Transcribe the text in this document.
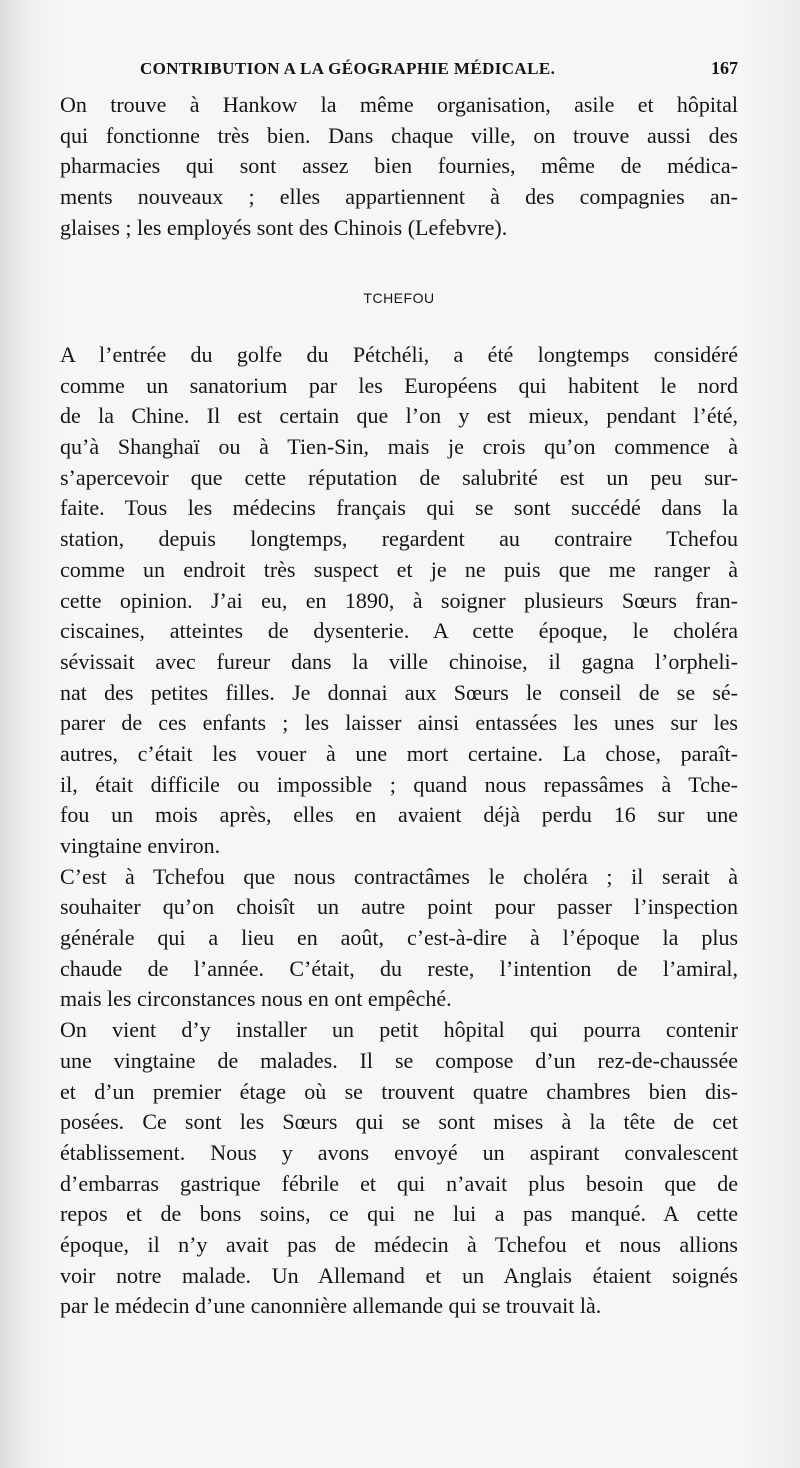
CONTRIBUTION A LA GÉOGRAPHIE MÉDICALE.	167
On trouve à Hankow la même organisation, asile et hôpital
qui fonctionne très bien. Dans chaque ville, on trouve aussi des
pharmacies qui sont assez bien fournies, même de médica-
ments nouveaux ; elles appartiennent à des compagnies an-
glaises ; les employés sont des Chinois (Lefebvre).
TCHEFOU
A l’entrée du golfe du Pétchéli, a été longtemps considéré
comme un sanatorium par les Européens qui habitent le nord
de la Chine. Il est certain que l’on y est mieux, pendant l’été,
qu’à Shanghaï ou à Tien-Sin, mais je crois qu’on commence à
s’apercevoir que cette réputation de salubrité est un peu sur-
faite. Tous les médecins français qui se sont succédé dans la
station, depuis longtemps, regardent au contraire Tchefou
comme un endroit très suspect et je ne puis que me ranger à
cette opinion. J’ai eu, en 1890, à soigner plusieurs Sœurs fran-
ciscaines, atteintes de dysenterie. A cette époque, le choléra
sévissait avec fureur dans la ville chinoise, il gagna l’orpheli-
nat des petites filles. Je donnai aux Sœurs le conseil de se sé-
parer de ces enfants ; les laisser ainsi entassées les unes sur les
autres, c’était les vouer à une mort certaine. La chose, paraît-
il, était difficile ou impossible ; quand nous repassâmes à Tche-
fou un mois après, elles en avaient déjà perdu 16 sur une
vingtaine environ.
C’est à Tchefou que nous contractâmes le choléra ; il serait à
souhaiter qu’on choisît un autre point pour passer l’inspection
générale qui a lieu en août, c’est-à-dire à l’époque la plus
chaude de l’année. C’était, du reste, l’intention de l’amiral,
mais les circonstances nous en ont empêché.
On vient d’y installer un petit hôpital qui pourra contenir
une vingtaine de malades. Il se compose d’un rez-de-chaussée
et d’un premier étage où se trouvent quatre chambres bien dis-
posées. Ce sont les Sœurs qui se sont mises à la tête de cet
établissement. Nous y avons envoyé un aspirant convalescent
d’embarras gastrique fébrile et qui n’avait plus besoin que de
repos et de bons soins, ce qui ne lui a pas manqué. A cette
époque, il n’y avait pas de médecin à Tchefou et nous allions
voir notre malade. Un Allemand et un Anglais étaient soignés
par le médecin d’une canonnière allemande qui se trouvait là.
